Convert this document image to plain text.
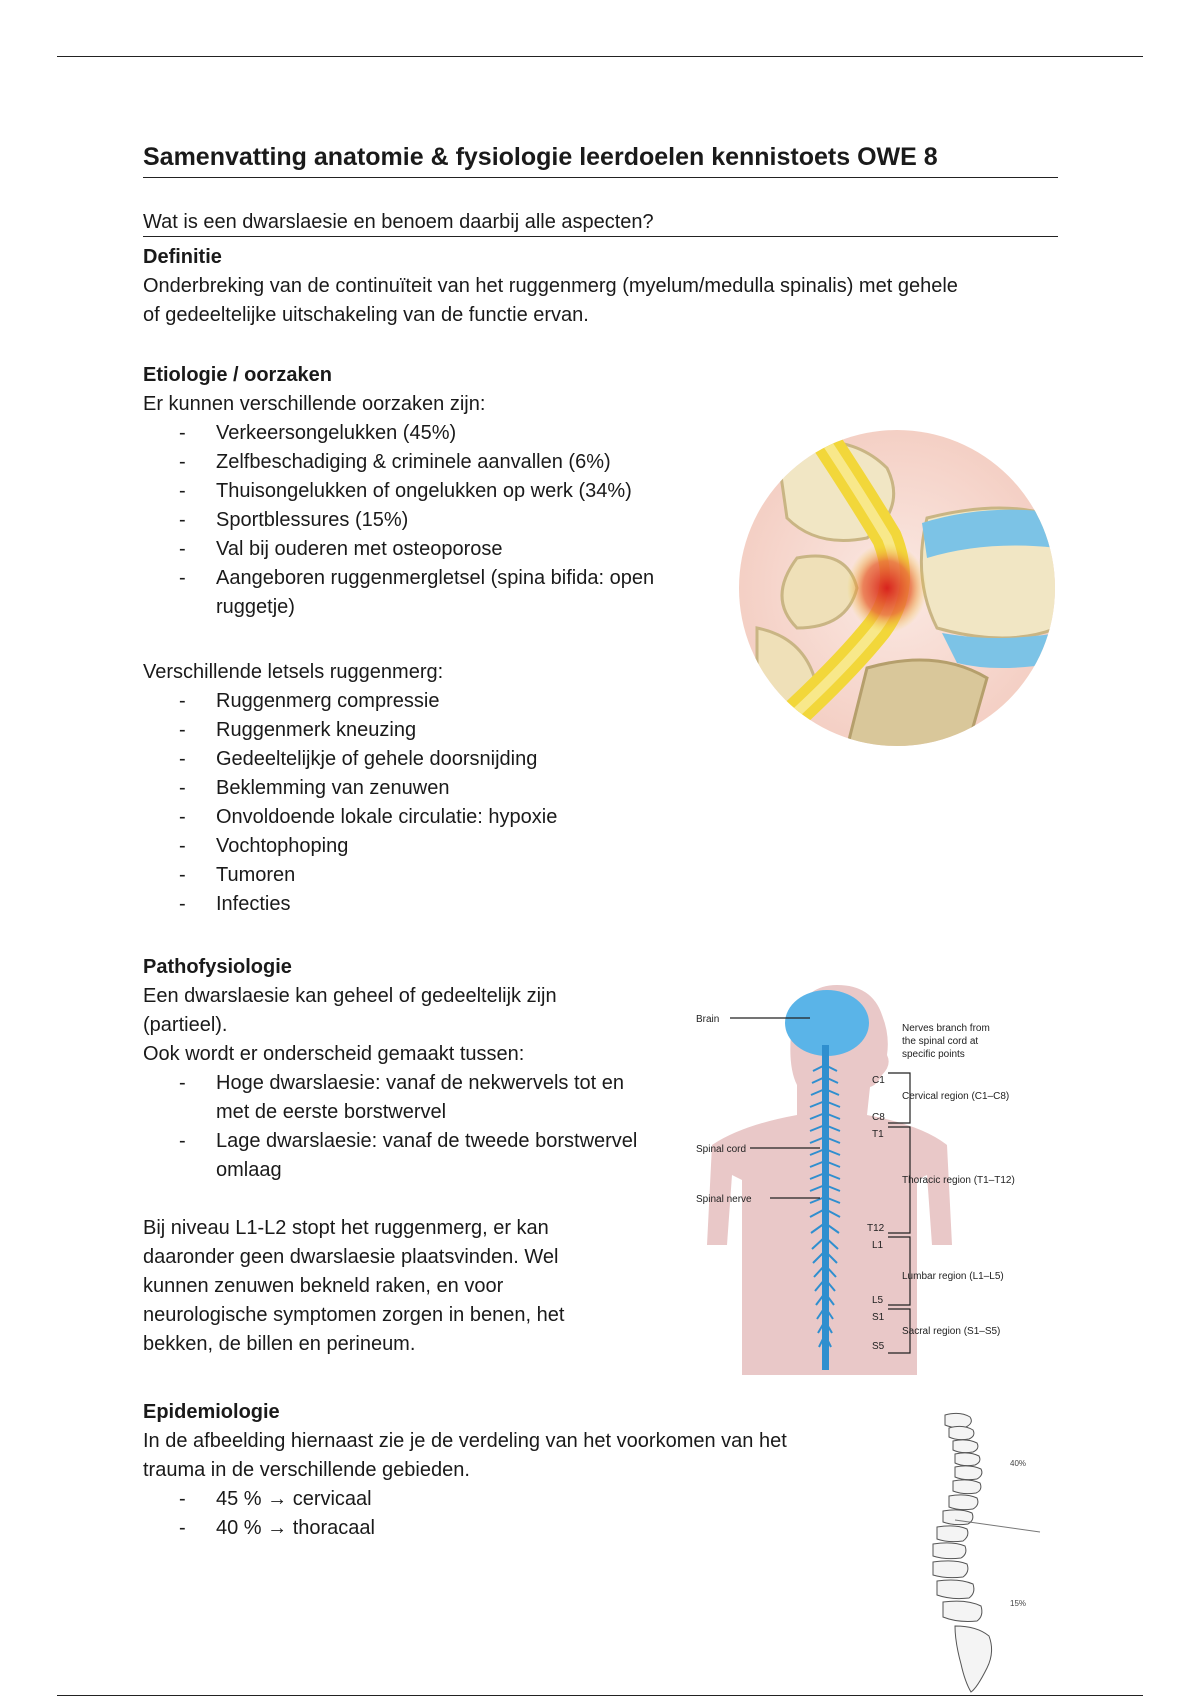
Samenvatting anatomie & fysiologie leerdoelen kennistoets OWE 8
Wat is een dwarslaesie en benoem daarbij alle aspecten?
Definitie
Onderbreking van de continuïteit van het ruggenmerg (myelum/medulla spinalis) met gehele
of gedeeltelijke uitschakeling van de functie ervan.
Etiologie / oorzaken
Er kunnen verschillende oorzaken zijn:
- Verkeersongelukken (45%)
- Zelfbeschadiging & criminele aanvallen (6%)
- Thuisongelukken of ongelukken op werk (34%)
- Sportblessures (15%)
- Val bij ouderen met osteoporose
- Aangeboren ruggenmergletsel (spina bifida: open ruggetje)
Verschillende letsels ruggenmerg:
- Ruggenmerg compressie
- Ruggenmerk kneuzing
- Gedeeltelijkje of gehele doorsnijding
- Beklemming van zenuwen
- Onvoldoende lokale circulatie: hypoxie
- Vochtophoping
- Tumoren
- Infecties
Pathofysiologie
Een dwarslaesie kan geheel of gedeeltelijk zijn
(partieel).
Ook wordt er onderscheid gemaakt tussen:
- Hoge dwarslaesie: vanaf de nekwervels tot en met de eerste borstwervel
- Lage dwarslaesie: vanaf de tweede borstwervel omlaag
Bij niveau L1-L2 stopt het ruggenmerg, er kan daaronder geen dwarslaesie plaatsvinden. Wel kunnen zenuwen bekneld raken, en voor neurologische symptomen zorgen in benen, het bekken, de billen en perineum.
Epidemiologie
In de afbeelding hiernaast zie je de verdeling van het voorkomen van het
trauma in de verschillende gebieden.
- 45 % → cervicaal
- 40 % → thoracaal
Brain
Spinal cord
Spinal nerve
Nerves branch from
the spinal cord at
specific points
Cervical region (C1–C8)
Thoracic region (T1–T12)
Lumbar region (L1–L5)
Sacral region (S1–S5)
C1
C8
T1
T12
L1
L5
S1
S5
40%
15%
